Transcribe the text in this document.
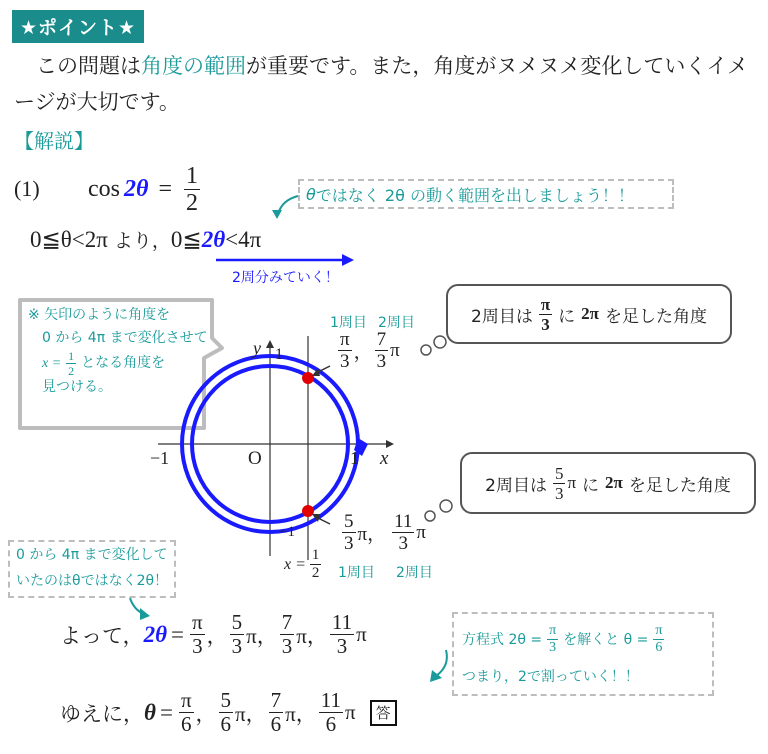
★ポイント★
この問題は角度の範囲が重要です。また，角度がヌメヌメ変化していくイメージが大切です。
【解説】
(1) $\cos 2\theta = \frac{1}{2}$	θ ではなく 2θ の動く範囲を出しましょう！！
0≦θ<2π より，0≦2θ<4π
2周分みていく！
※ 矢印のように角度を
0 から 4π まで変化させて
$x = \frac{1}{2}$ となる角度を
見つける。
y 1
x
−1	1
O
−1
$x = \frac{1}{2}$
1周目 2周目
1周目 2周目
$\frac{\pi}{3}$ ， $\frac{7}{3}$ π
$\frac{5}{3}$ π， $\frac{11}{3}$ π
2周目は $\frac{\pi}{3}$ に 2π を足した角度
2周目は $\frac{5}{3}$ π に 2π を足した角度
0 から 4π まで変化して
いたのはθではなく2θ！
よって， $2\theta = \frac{\pi}{3}$ ， $\frac{5}{3}$ π， $\frac{7}{3}$ π， $\frac{11}{3}$ π	方程式 $2\theta = \frac{\pi}{3}$ を解くと $\theta = \frac{\pi}{6}$
つまり，2で割っていく！！
ゆえに， $\theta = \frac{\pi}{6}$ ， $\frac{5}{6}$ π， $\frac{7}{6}$ π， $\frac{11}{6}$ π	答
